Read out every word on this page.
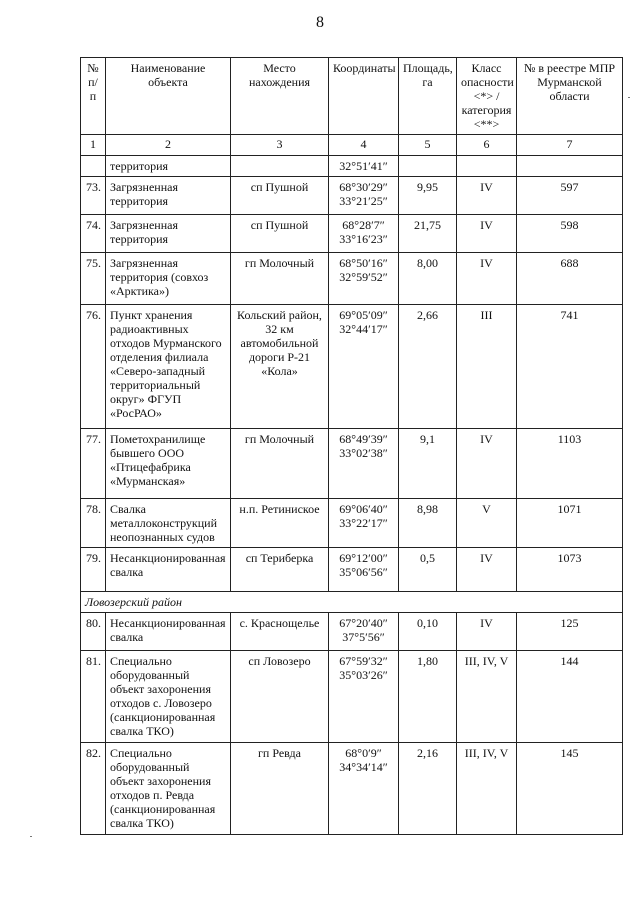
8
№ п/п	Наименование объекта	Место нахождения	Координаты	Площадь, га	Класс опасности <*> / категория <**>	№ в реестре МПР Мурманской области
1	2	3	4	5	6	7
	территория		32°51′41″			
73.	Загрязненная территория	сп Пушной	68°30′29″ 33°21′25″	9,95	IV	597
74.	Загрязненная территория	сп Пушной	68°28′7″ 33°16′23″	21,75	IV	598
75.	Загрязненная территория (совхоз «Арктика»)	гп Молочный	68°50′16″ 32°59′52″	8,00	IV	688
76.	Пункт хранения радиоактивных отходов Мурманского отделения филиала «Северо-западный территориальный округ» ФГУП «РосРАО»	Кольский район, 32 км автомобильной дороги Р-21 «Кола»	69°05′09″ 32°44′17″	2,66	III	741
77.	Пометохранилище бывшего ООО «Птицефабрика «Мурманская»	гп Молочный	68°49′39″ 33°02′38″	9,1	IV	1103
78.	Свалка металлоконструкций неопознанных судов	н.п. Ретиниское	69°06′40″ 33°22′17″	8,98	V	1071
79.	Несанкционированная свалка	сп Териберка	69°12′00″ 35°06′56″	0,5	IV	1073
Ловозерский район						
80.	Несанкционированная свалка	с. Краснощелье	67°20′40″ 37°5′56″	0,10	IV	125
81.	Специально оборудованный объект захоронения отходов с. Ловозеро (санкционированная свалка ТКО)	сп Ловозеро	67°59′32″ 35°03′26″	1,80	III, IV, V	144
82.	Специально оборудованный объект захоронения отходов п. Ревда (санкционированная свалка ТКО)	гп Ревда	68°0′9″ 34°34′14″	2,16	III, IV, V	145
